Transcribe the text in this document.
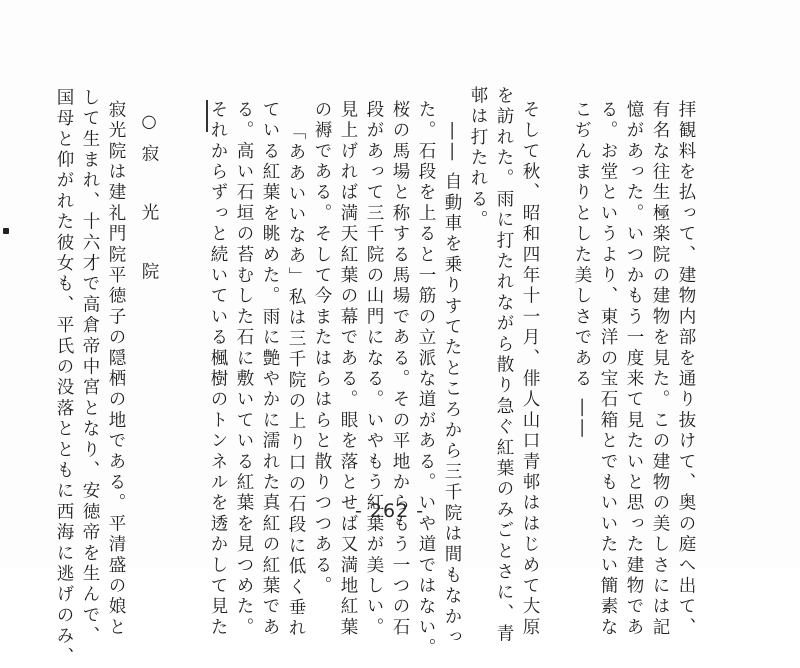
拝観料を払って、建物内部を通り抜けて、奥の庭へ出て、
有名な往生極楽院の建物を見た。この建物の美しさには記
憶があった。いつかもう一度来て見たいと思った建物であ
る。お堂というより、東洋の宝石箱とでもいいたい簡素な
こぢんまりとした美しさである ――
そして秋、昭和四年十一月、俳人山口青邨ははじめて大原
を訪れた。雨に打たれながら散り急ぐ紅葉のみごとさに、青
邨は打たれる。
―― 自動車を乗りすてたところから三千院は間もなかっ
た。石段を上ると一筋の立派な道がある。いや道ではない。
桜の馬場と称する馬場である。その平地からもう一つの石
段があって三千院の山門になる。いやもう紅葉が美しい。
見上げれば満天紅葉の幕である。眼を落とせば又満地紅葉
の褥である。そして今またはらはらと散りつつある。
「ああいいなあ」私は三千院の上り口の石段に低く垂れ
ている紅葉を眺めた。雨に艶やかに濡れた真紅の紅葉であ
る。高い石垣の苔むした石に敷いている紅葉を見つめた。
それからずっと続いている楓樹のトンネルを透かして見た
○寂　光　院
寂光院は建礼門院平徳子の隠栖の地である。平清盛の娘と
して生まれ、十六才で高倉帝中宮となり、安徳帝を生んで、
国母と仰がれた彼女も、平氏の没落とともに西海に逃げのみ、	- 262 -
